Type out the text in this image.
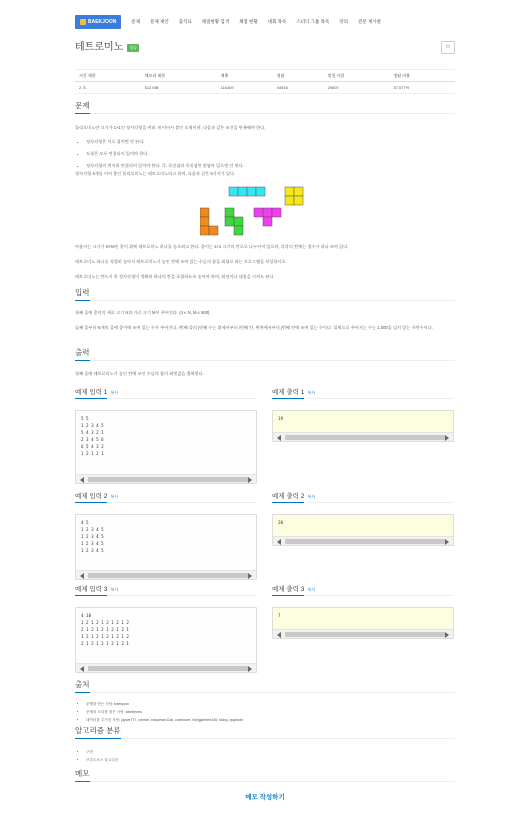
BAEKJOON	문제 문제 제안 출석표 채점현황 검색 채점 현황 대회 목록 스터디 그룹 목록 강의 전문 게시판
테트로미노	성공	☆
시간 제한	메모리 제한	제출	정답	맞힌 사람	정답 비율
2 초	512 MB	116409	44915	29807	37.577%
문제

폴리오미노란 크기가 1×1인 정사각형을 여러 개 이어서 붙인 도형이며, 다음과 같은 조건을 만족해야 한다.

• 정사각형은 서로 겹치면 안 된다.
• 도형은 모두 연결되어 있어야 한다.
• 정사각형의 변끼리 연결되어 있어야 한다. 즉, 꼭짓점과 꼭짓점만 맞닿아 있으면 안 된다.

정사각형 4개를 이어 붙인 폴리오미노는 테트로미노라고 하며, 다음과 같은 5가지가 있다.

아름이는 크기가 N×M인 종이 위에 테트로미노 하나를 놓으려고 한다. 종이는 1×1 크기의 칸으로 나누어져 있으며, 각각의 칸에는 정수가 하나 쓰여 있다.

테트로미노 하나를 적절히 놓아서 테트로미노가 놓인 칸에 쓰여 있는 수들의 합을 최대로 하는 프로그램을 작성하시오.

테트로미노는 반드시 한 정사각형이 정확히 하나의 칸을 포함하도록 놓아야 하며, 회전이나 대칭을 시켜도 된다.

입력

첫째 줄에 종이의 세로 크기 N과 가로 크기 M이 주어진다. (4 ≤ N, M ≤ 500)

둘째 줄부터 N개의 줄에 종이에 쓰여 있는 수가 주어진다. i번째 줄의 j번째 수는 위에서부터 i번째 칸, 왼쪽에서부터 j번째 칸에 쓰여 있는 수이다. 입력으로 주어지는 수는 1,000을 넘지 않는 자연수이다.

출력

첫째 줄에 테트로미노가 놓인 칸에 쓰인 수들의 합의 최댓값을 출력한다.

예제 입력 1 복사
5 5
1 2 3 4 5
5 4 3 2 1
2 3 4 5 6
6 5 4 3 2
1 2 1 2 1
예제 출력 1 복사
19
예제 입력 2 복사
4 5
1 2 3 4 5
1 2 3 4 5
1 2 3 4 5
1 2 3 4 5
예제 출력 2 복사
20
예제 입력 3 복사
4 10
1 2 1 2 1 2 1 2 1 2
2 1 2 1 2 1 2 1 2 1
1 2 1 2 1 2 1 2 1 2
2 1 2 1 2 1 2 1 2 1
예제 출력 3 복사
7
출처
• 문제를 만든 사람: baekjoon
• 문제의 오타를 찾은 사람: lcbelieves
• 데이터를 추가한 사람: jaywe777, crimlet, eduperan12ai, cubelover, h0ngjaehee345, skioq, qwplkxln
알고리즘 분류
• 구현
• 브루트포스 알고리즘
메모
메모 작성하기
